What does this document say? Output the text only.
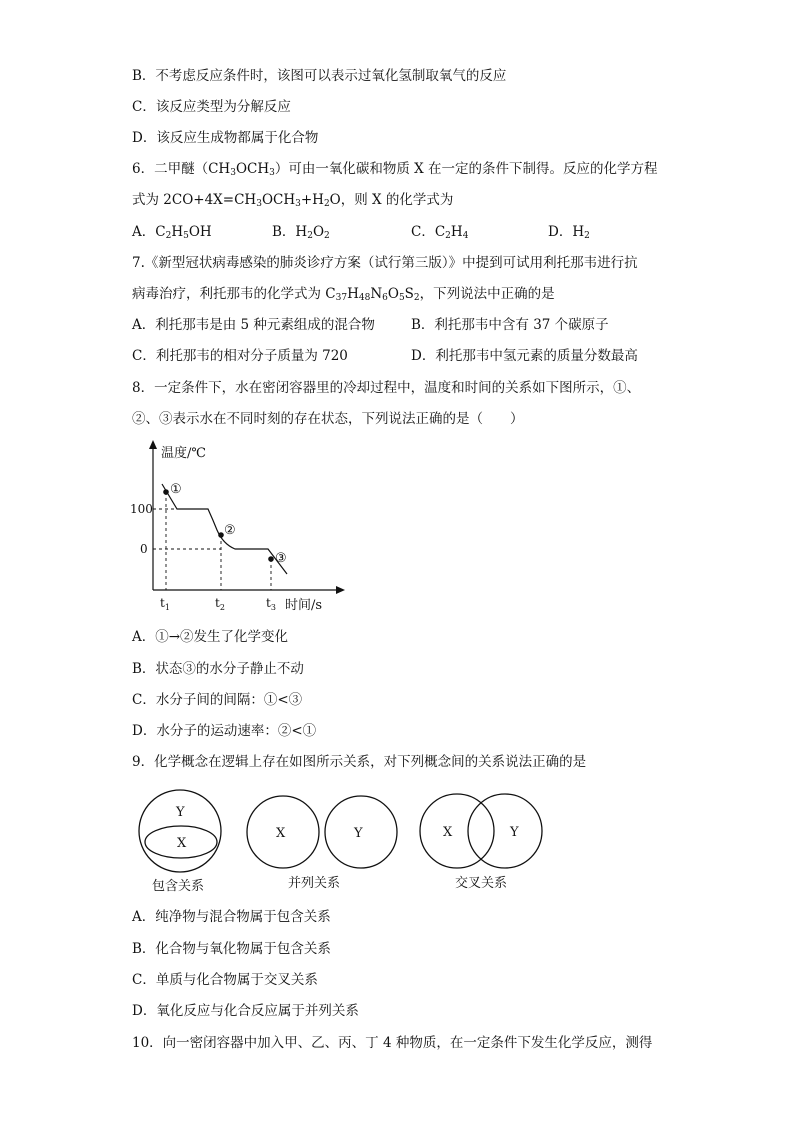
B．不考虑反应条件时，该图可以表示过氧化氢制取氧气的反应
C．该反应类型为分解反应
D．该反应生成物都属于化合物
6．二甲醚$(CH_3OCH_3)$可由一氧化碳和物质 X 在一定的条件下制得。反应的化学方程
式为 $2CO+4X=CH_3OCH_3+H_2O$，则 X 的化学式为
A．$C_2H_5OH$	B．$H_2O_2$	C．$C_2H_4$	D．$H_2$
7.《新型冠状病毒感染的肺炎诊疗方案（试行第三版）》中提到可试用利托那韦进行抗
病毒治疗，利托那韦的化学式为 $C_{37}H_{48}N_6O_5S_2$，下列说法中正确的是
A．利托那韦是由 5 种元素组成的混合物	B．利托那韦中含有 37 个碳原子
C．利托那韦的相对分子质量为 720	D．利托那韦中氢元素的质量分数最高
8．一定条件下，水在密闭容器里的冷却过程中，温度和时间的关系如下图所示，①、
②、③表示水在不同时刻的存在状态，下列说法正确的是（　　）
温度/℃
时间/s
100
0
①
②
③
$t_1$	$t_2$	$t_3$
A．①→②发生了化学变化
B．状态③的水分子静止不动
C．水分子间的间隔：①<③
D．水分子的运动速率：②<①
9．化学概念在逻辑上存在如图所示关系，对下列概念间的关系说法正确的是
Y
X
包含关系
X	Y
并列关系
X	Y
交叉关系
A．纯净物与混合物属于包含关系
B．化合物与氧化物属于包含关系
C．单质与化合物属于交叉关系
D．氧化反应与化合反应属于并列关系
10．向一密闭容器中加入甲、乙、丙、丁 4 种物质，在一定条件下发生化学反应，测得
